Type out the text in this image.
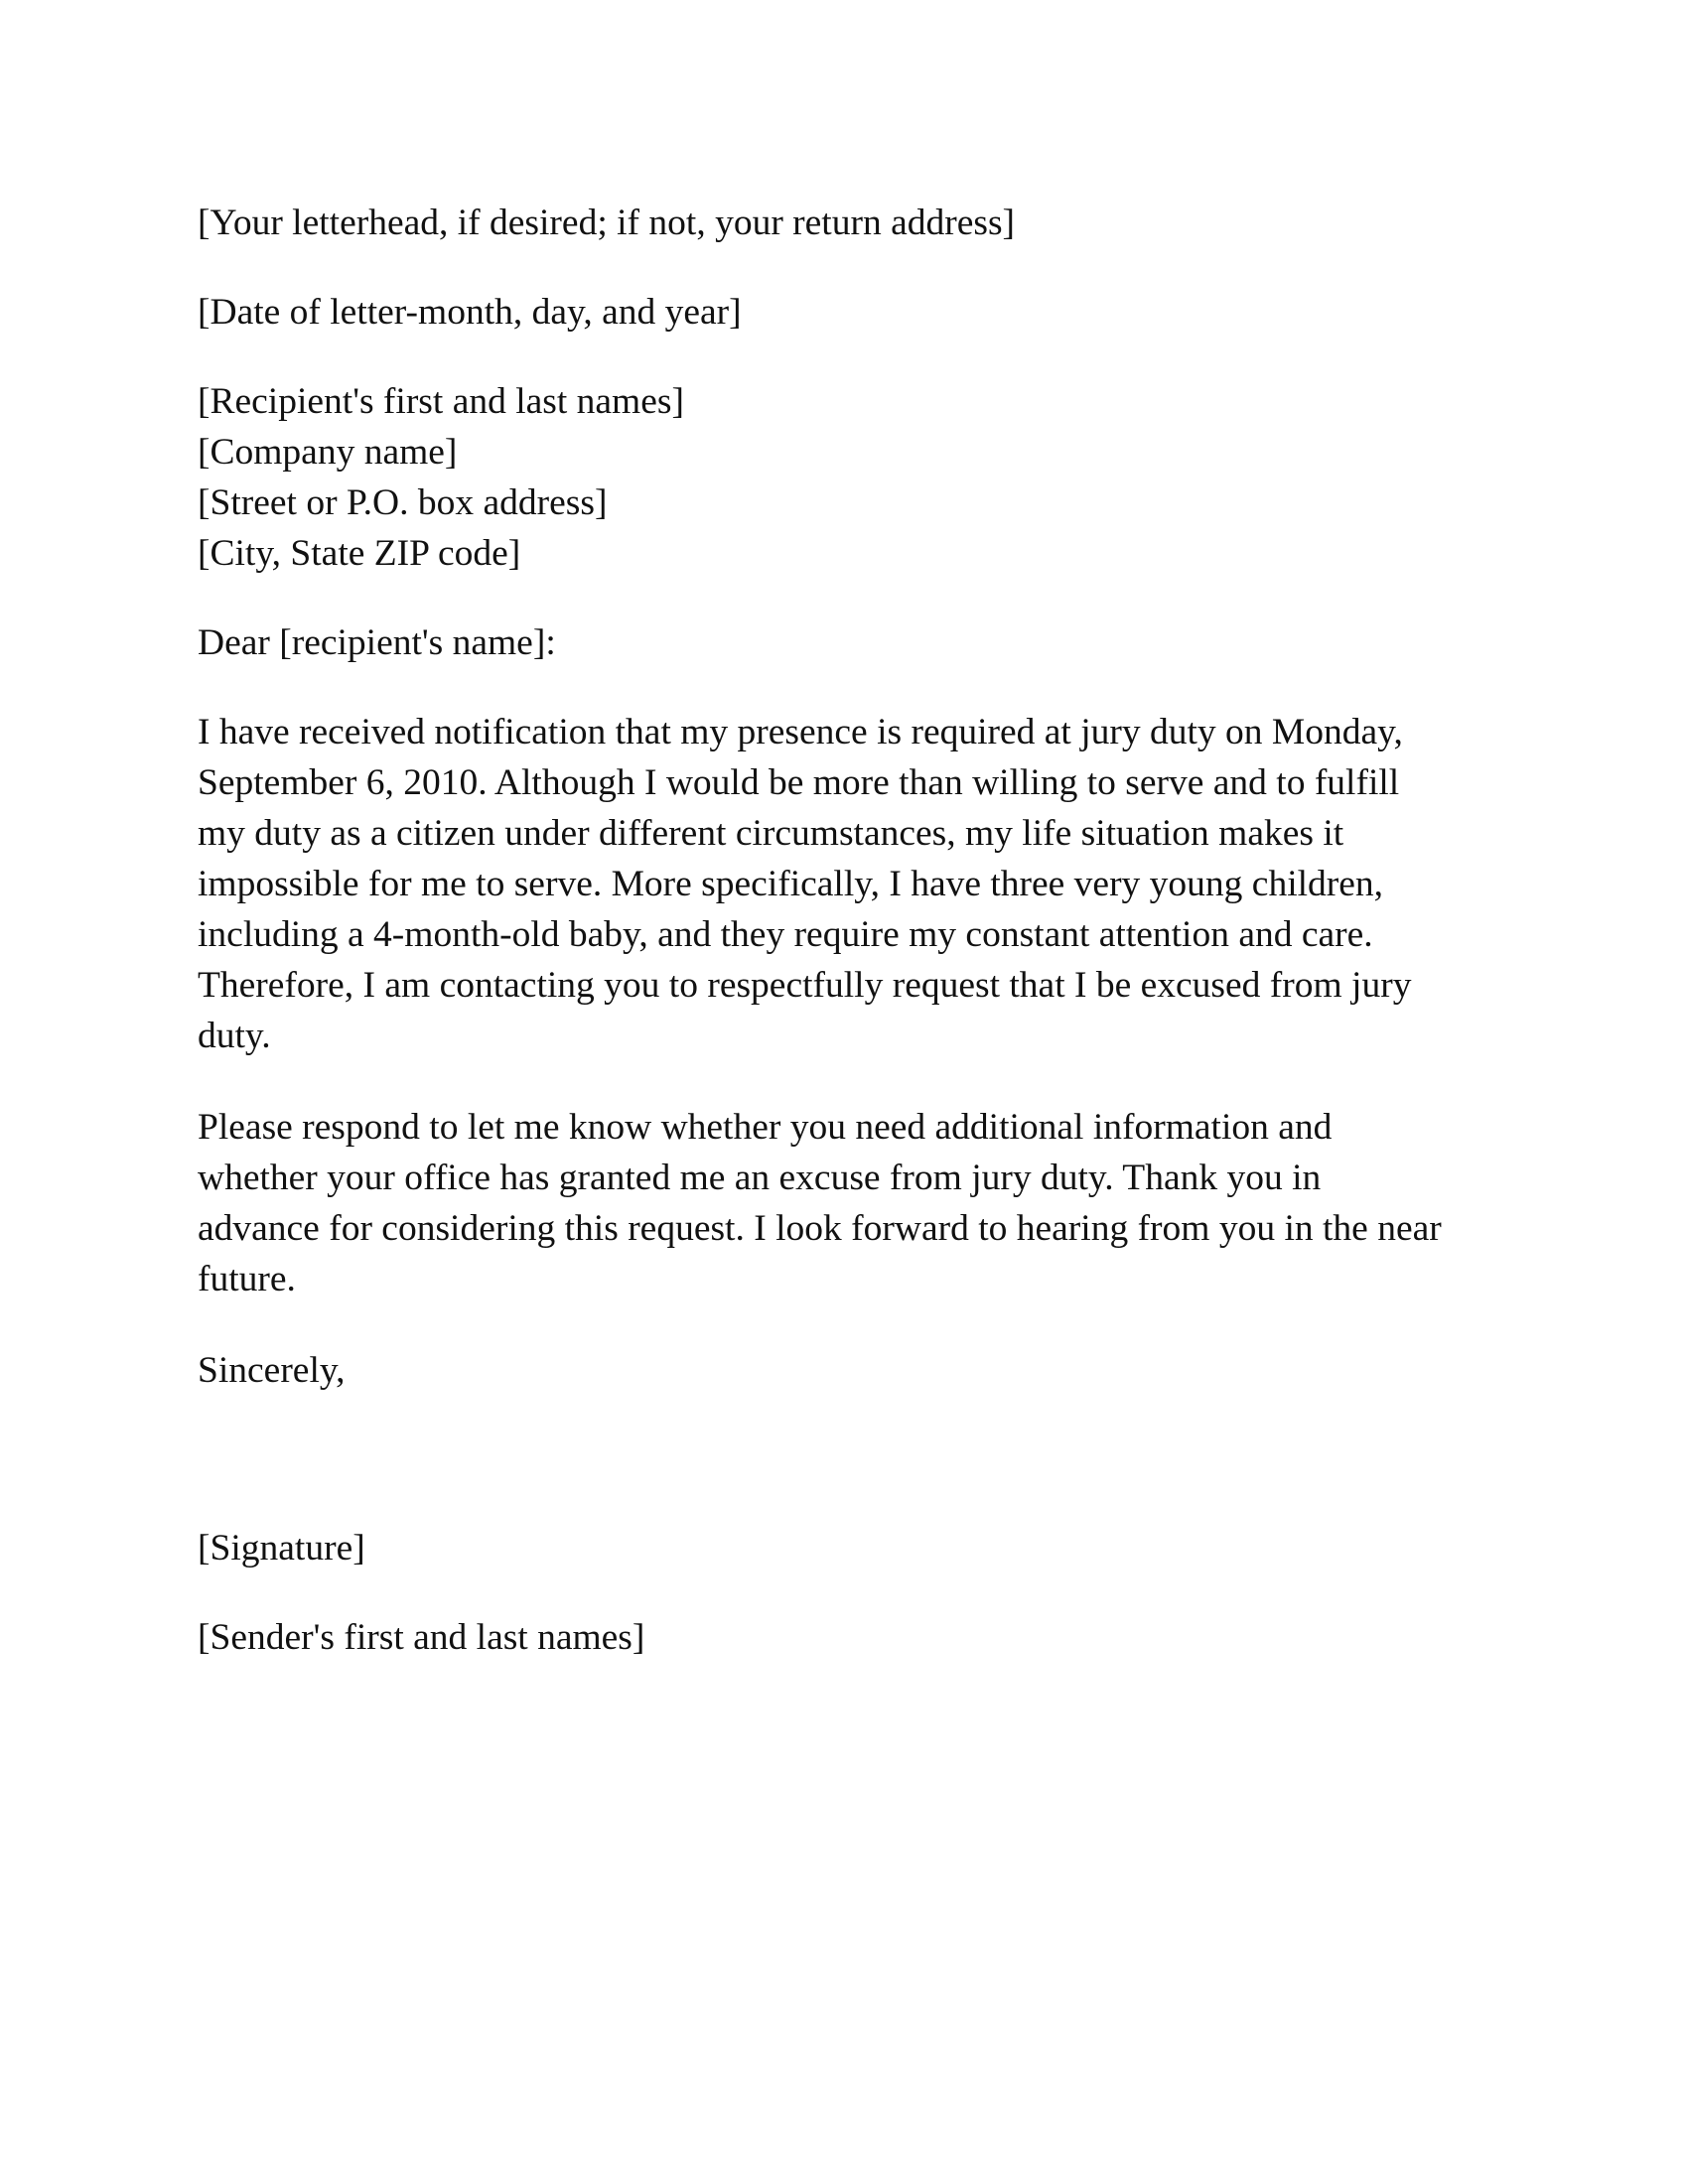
[Your letterhead, if desired; if not, your return address]

[Date of letter-month, day, and year]

[Recipient's first and last names]
[Company name]
[Street or P.O. box address]
[City, State ZIP code]

Dear [recipient's name]:

I have received notification that my presence is required at jury duty on Monday,
September 6, 2010. Although I would be more than willing to serve and to fulfill
my duty as a citizen under different circumstances, my life situation makes it
impossible for me to serve. More specifically, I have three very young children,
including a 4-month-old baby, and they require my constant attention and care.
Therefore, I am contacting you to respectfully request that I be excused from jury
duty.
Please respond to let me know whether you need additional information and
whether your office has granted me an excuse from jury duty. Thank you in
advance for considering this request. I look forward to hearing from you in the near
future.

Sincerely,

[Signature]

[Sender's first and last names]
